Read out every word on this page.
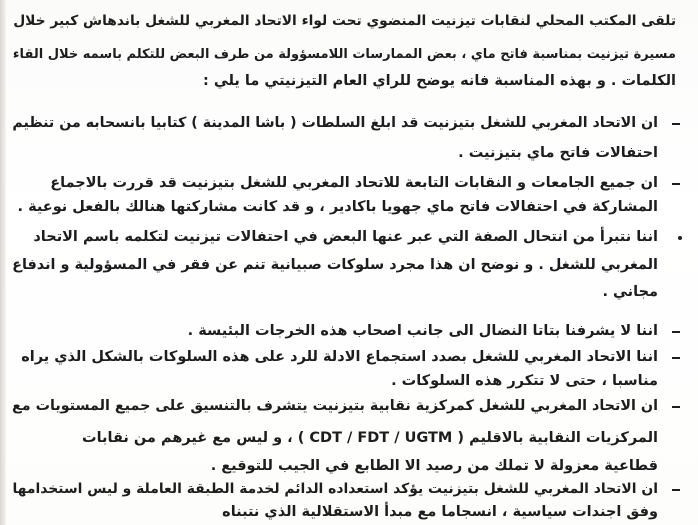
تلقى المكتب المحلي لنقابات تيزنيت المنضوي تحت لواء الاتحاد المغربي للشغل باندهاش كبير خلال
مسيرة تيزنيت بمناسبة فاتح ماي ، بعض الممارسات اللامسؤولة من طرف البعض للتكلم باسمه خلال القاء
الكلمات . و بهذه المناسبة فانه يوضح للراي العام التيزنيتي ما يلي :
ان الاتحاد المغربي للشغل بتيزنيت قد ابلغ السلطات ( باشا المدينة ) كتابيا بانسحابه من تنظيم
احتفالات فاتح ماي بتيزنيت .
ان جميع الجامعات و النقابات التابعة للاتحاد المغربي للشغل بتيزنيت قد قررت بالاجماع
المشاركة في احتفالات فاتح ماي جهويا باكادير ، و قد كانت مشاركتها هنالك بالفعل نوعية .
اننا نتبرأ من انتحال الصفة التي عبر عنها البعض في احتفالات تيزنيت لتكلمه باسم الاتحاد
المغربي للشغل . و نوضح ان هذا مجرد سلوكات صبيانية تنم عن فقر في المسؤولية و اندفاع
مجاني .
اننا لا يشرفنا بتاتا النضال الى جانب اصحاب هذه الخرجات البئيسة .
اننا الاتحاد المغربي للشغل بصدد استجماع الادلة للرد على هذه السلوكات بالشكل الذي يراه
مناسبا ، حتى لا تتكرر هذه السلوكات .
ان الاتحاد المغربي للشغل كمركزية نقابية بتيزنيت يتشرف بالتنسيق على جميع المستويات مع
المركزيات النقابية بالاقليم ( CDT / FDT / UGTM ) ، و ليس مع غيرهم من نقابات
قطاعية معزولة لا تملك من رصيد الا الطابع في الجيب للتوقيع .
ان الاتحاد المغربي للشغل بتيزنيت يؤكد استعداده الدائم لخدمة الطبقة العاملة و ليس استخدامها
وفق اجندات سياسية ، انسجاما مع مبدأ الاستقلالية الذي نتبناه
